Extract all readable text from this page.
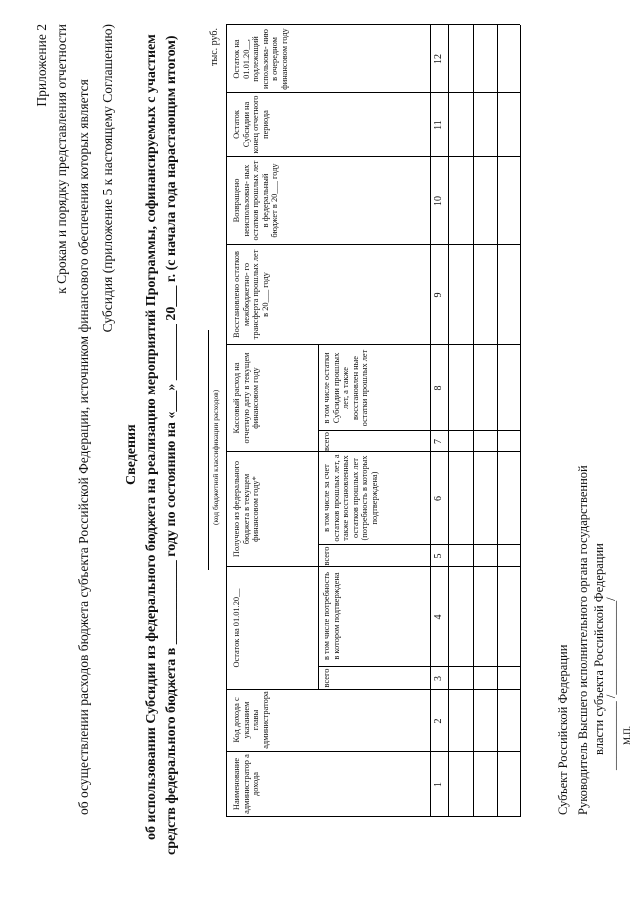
Приложение 2 к Срокам и порядку представления отчетности об осуществлении расходов бюджета субъекта Российской Федерации, источником финансового обеспечения которых является Субсидия (приложение 5 к настоящему Соглашению)
Сведения об использовании Субсидии из федерального бюджета на реализацию мероприятий Программы, софинансируемых с участием средств федерального бюджета в ____________ году по состоянию на «___» ________ 20___ г. (с начала года нарастающим итогом)	(код бюджетной классификации расходов)
тыс. руб.
Наименование администратор а дохода
Код дохода с указанием главы администратора
Остаток на 01.01.20__
всего
в том числе потребность в котором подтверждена
Получено из федерального бюджета в текущем финансовом году*
всего
в том числе за счет остатков прошлых лет, а также восстановленных остатков прошлых лет (потребность в которых подтверждена)
Кассовый расход на отчетную дату в текущем финансовом году
всего
в том числе остатки Субсидии прошлых лет, а также восстановлен ные остатки прошлых лет
Восстановлено остатков межбюджетно- го трансферта прошлых лет в 20___ году
Возвращено неиспользован- ных остатков прошлых лет в федеральный бюджет в 20___ году
Остаток Субсидии на конец отчетного периода
Остаток на 01.01.20__, подлежащий использова- нию в очередном финансовом году
1
2
3
4
5
6
7
8
9
10
11
12
Субъект Российской Федерации Руководитель Высшего исполнительного органа государственной власти субъекта Российской Федерации
___________ /_______________/ М.П.
